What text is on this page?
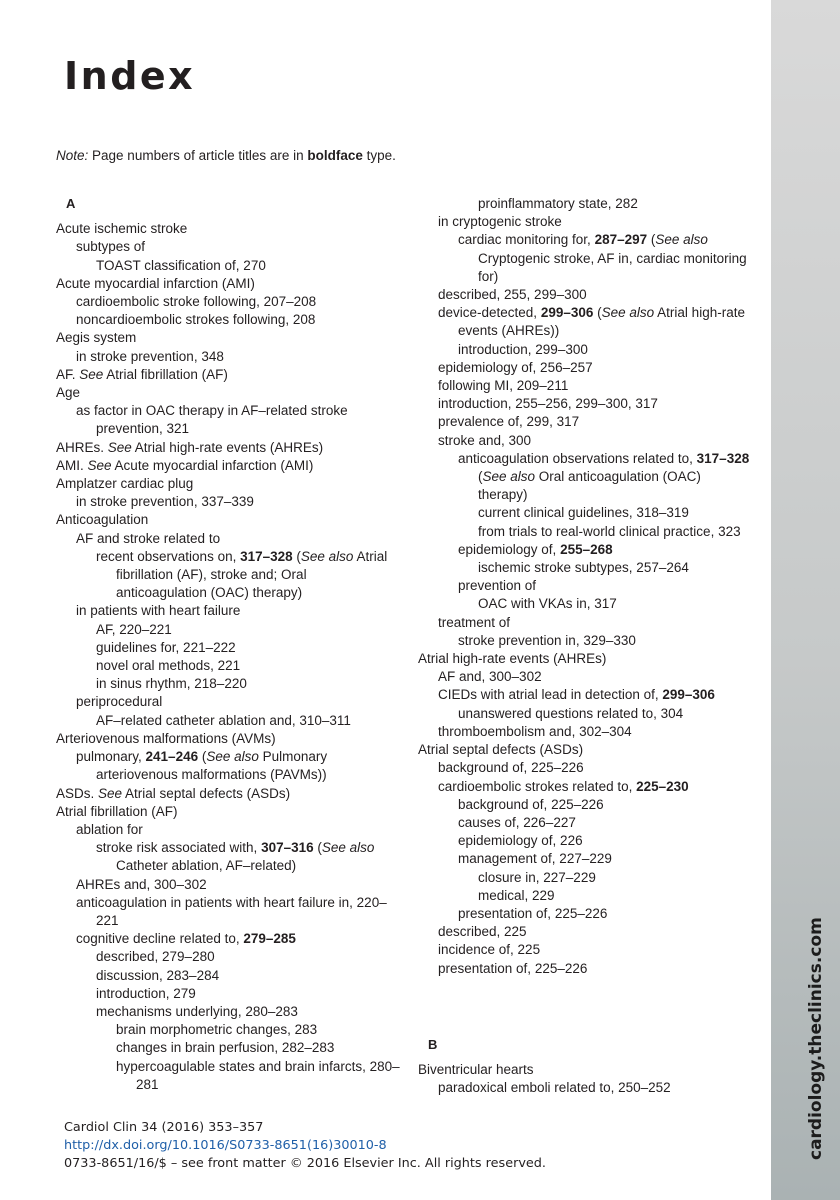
Index

Note: Page numbers of article titles are in boldface type.

A
Acute ischemic stroke
subtypes of
TOAST classification of, 270
Acute myocardial infarction (AMI)
cardioembolic stroke following, 207–208
noncardioembolic strokes following, 208
Aegis system
in stroke prevention, 348
AF. See Atrial fibrillation (AF)
Age
as factor in OAC therapy in AF–related stroke prevention, 321
AHREs. See Atrial high-rate events (AHREs)
AMI. See Acute myocardial infarction (AMI)
Amplatzer cardiac plug
in stroke prevention, 337–339
Anticoagulation
AF and stroke related to
recent observations on, 317–328 (See also Atrial fibrillation (AF), stroke and; Oral anticoagulation (OAC) therapy)
in patients with heart failure
AF, 220–221
guidelines for, 221–222
novel oral methods, 221
in sinus rhythm, 218–220
periprocedural
AF–related catheter ablation and, 310–311
Arteriovenous malformations (AVMs)
pulmonary, 241–246 (See also Pulmonary arteriovenous malformations (PAVMs))
ASDs. See Atrial septal defects (ASDs)
Atrial fibrillation (AF)
ablation for
stroke risk associated with, 307–316 (See also Catheter ablation, AF–related)
AHREs and, 300–302
anticoagulation in patients with heart failure in, 220–221
cognitive decline related to, 279–285
described, 279–280
discussion, 283–284
introduction, 279
mechanisms underlying, 280–283
brain morphometric changes, 283
changes in brain perfusion, 282–283
hypercoagulable states and brain infarcts, 280–281
proinflammatory state, 282
in cryptogenic stroke
cardiac monitoring for, 287–297 (See also Cryptogenic stroke, AF in, cardiac monitoring for)
described, 255, 299–300
device-detected, 299–306 (See also Atrial high-rate events (AHREs))
introduction, 299–300
epidemiology of, 256–257
following MI, 209–211
introduction, 255–256, 299–300, 317
prevalence of, 299, 317
stroke and, 300
anticoagulation observations related to, 317–328 (See also Oral anticoagulation (OAC) therapy)
current clinical guidelines, 318–319
from trials to real-world clinical practice, 323
epidemiology of, 255–268
ischemic stroke subtypes, 257–264
prevention of
OAC with VKAs in, 317
treatment of
stroke prevention in, 329–330
Atrial high-rate events (AHREs)
AF and, 300–302
CIEDs with atrial lead in detection of, 299–306
unanswered questions related to, 304
thromboembolism and, 302–304
Atrial septal defects (ASDs)
background of, 225–226
cardioembolic strokes related to, 225–230
background of, 225–226
causes of, 226–227
epidemiology of, 226
management of, 227–229
closure in, 227–229
medical, 229
presentation of, 225–226
described, 225
incidence of, 225
presentation of, 225–226
B
Biventricular hearts
paradoxical emboli related to, 250–252
Cardiol Clin 34 (2016) 353–357
http://dx.doi.org/10.1016/S0733-8651(16)30010-8
0733-8651/16/$ – see front matter © 2016 Elsevier Inc. All rights reserved.
cardiology.theclinics.com
